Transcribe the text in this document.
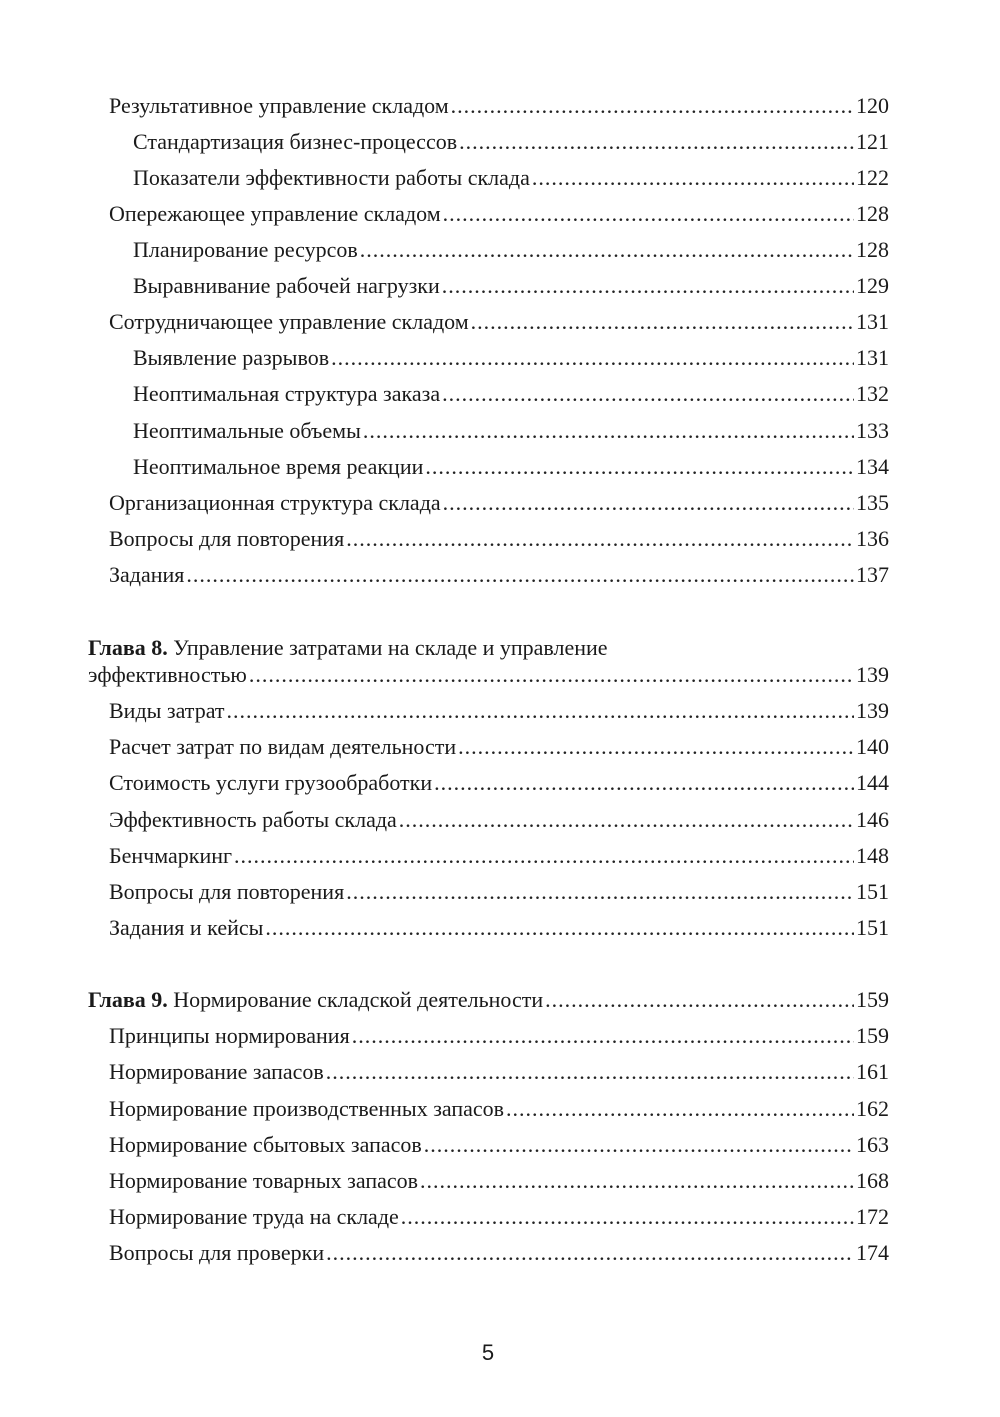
Результативное управление складом .....	120
Стандартизация бизнес-процессов .....	121
Показатели эффективности работы склада .....	122
Опережающее управление складом .....	128
Планирование ресурсов .....	128
Выравнивание рабочей нагрузки .....	129
Сотрудничающее управление складом .....	131
Выявление разрывов .....	131
Неоптимальная структура заказа .....	132
Неоптимальные объемы .....	133
Неоптимальное время реакции .....	134
Организационная структура склада .....	135
Вопросы для повторения .....	136
Задания .....	137
Глава 8. Управление затратами на складе и управление
эффективностью .....	139
Виды затрат .....	139
Расчет затрат по видам деятельности .....	140
Стоимость услуги грузообработки .....	144
Эффективность работы склада .....	146
Бенчмаркинг .....	148
Вопросы для повторения .....	151
Задания и кейсы .....	151
Глава 9. Нормирование складской деятельности .....	159
Принципы нормирования .....	159
Нормирование запасов .....	161
Нормирование производственных запасов .....	162
Нормирование сбытовых запасов .....	163
Нормирование товарных запасов .....	168
Нормирование труда на складе .....	172
Вопросы для проверки .....	174
5
